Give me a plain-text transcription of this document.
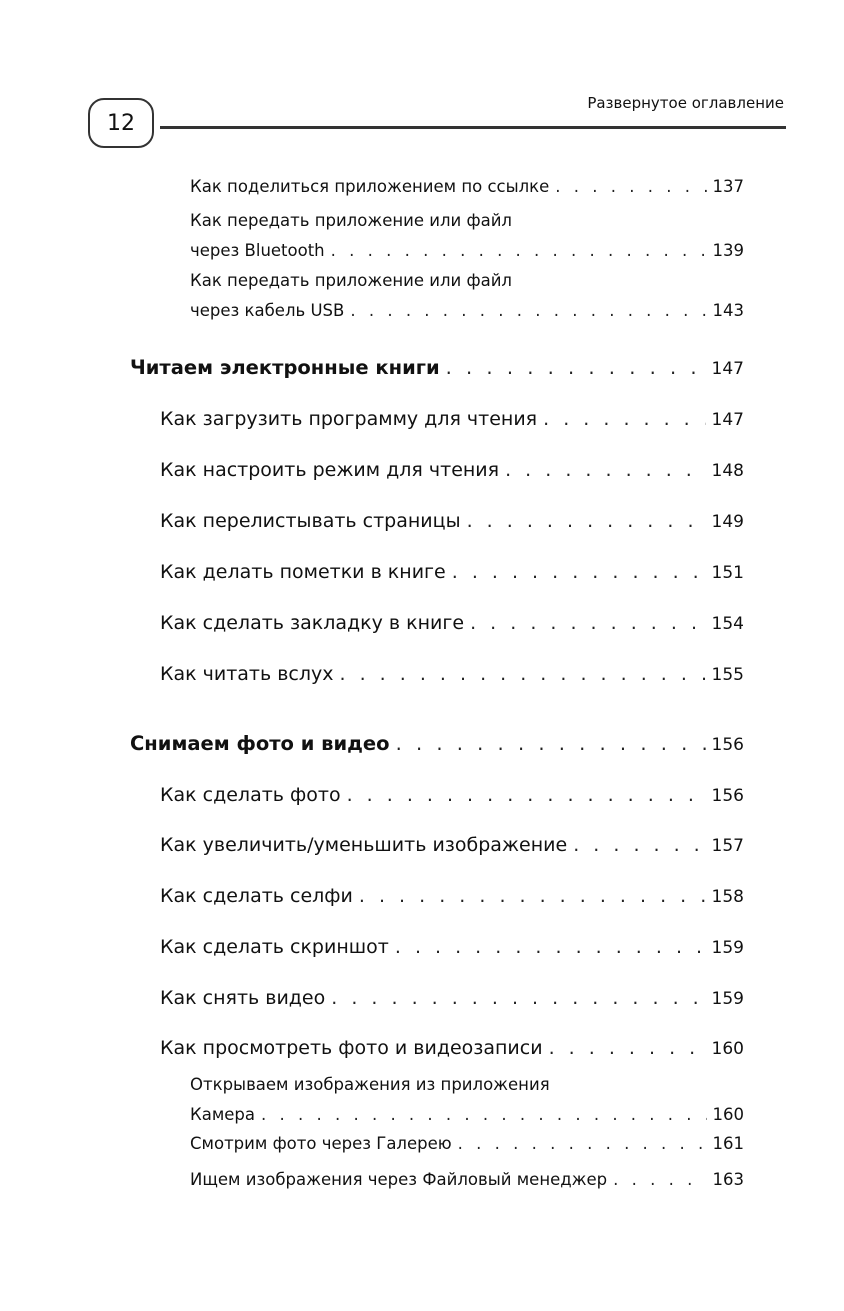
12
Развернутое оглавление
Как поделиться приложением по ссылке . . .	137
Как передать приложение или файл
через Bluetooth . . .	139
Как передать приложение или файл
через кабель USB . . .	143
Читаем электронные книги . . .	147
Как загрузить программу для чтения . . .	147
Как настроить режим для чтения . . .	148
Как перелистывать страницы . . .	149
Как делать пометки в книге . . .	151
Как сделать закладку в книге . . .	154
Как читать вслух . . .	155
Снимаем фото и видео . . .	156
Как сделать фото . . .	156
Как увеличить/уменьшить изображение . . .	157
Как сделать селфи . . .	158
Как сделать скриншот . . .	159
Как снять видео . . .	159
Как просмотреть фото и видеозаписи . . .	160
Открываем изображения из приложения
Камера . . .	160
Смотрим фото через Галерею . . .	161
Ищем изображения через Файловый менеджер . . .	163
